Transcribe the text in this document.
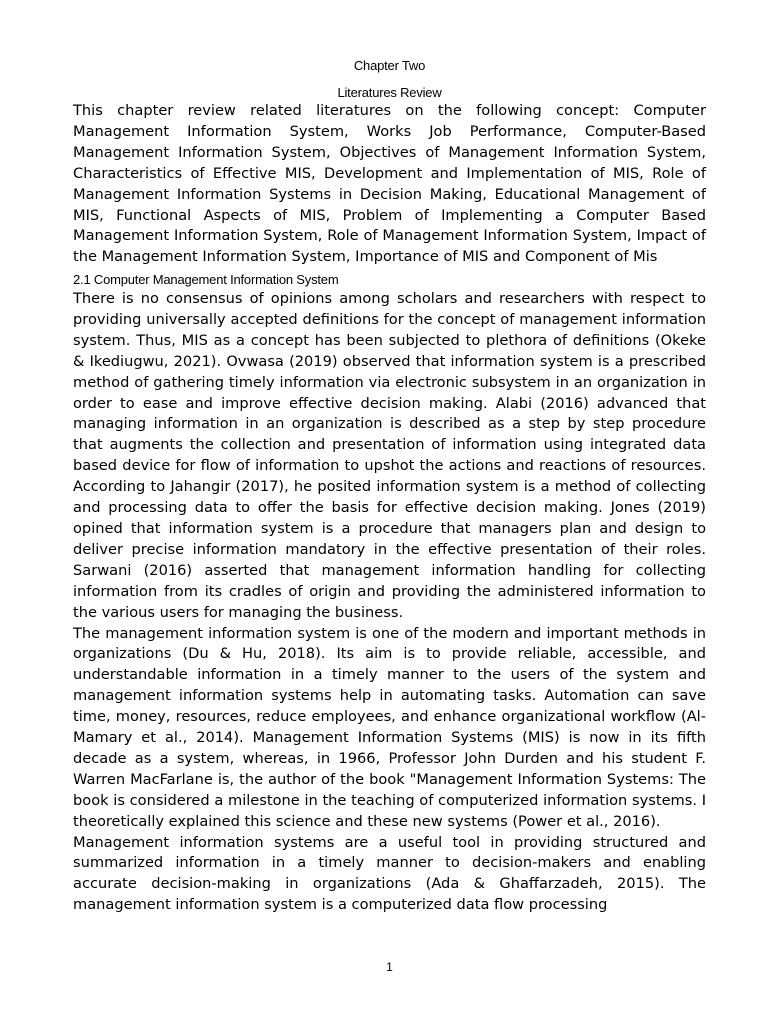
Chapter Two

Literatures Review

This chapter review related literatures on the following concept: Computer Management Information System, Works Job Performance, Computer-Based Management Information System, Objectives of Management Information System, Characteristics of Effective MIS, Development and Implementation of MIS, Role of Management Information Systems in Decision Making, Educational Management of MIS, Functional Aspects of MIS, Problem of Implementing a Computer Based Management Information System, Role of Management Information System, Impact of the Management Information System, Importance of MIS and Component of Mis

2.1 Computer Management Information System

There is no consensus of opinions among scholars and researchers with respect to providing universally accepted definitions for the concept of management information system. Thus, MIS as a concept has been subjected to plethora of definitions (Okeke & Ikediugwu, 2021). Ovwasa (2019) observed that information system is a prescribed method of gathering timely information via electronic subsystem in an organization in order to ease and improve effective decision making. Alabi (2016) advanced that managing information in an organization is described as a step by step procedure that augments the collection and presentation of information using integrated data based device for flow of information to upshot the actions and reactions of resources. According to Jahangir (2017), he posited information system is a method of collecting and processing data to offer the basis for effective decision making. Jones (2019) opined that information system is a procedure that managers plan and design to deliver precise information mandatory in the effective presentation of their roles. Sarwani (2016) asserted that management information handling for collecting information from its cradles of origin and providing the administered information to the various users for managing the business.

The management information system is one of the modern and important methods in organizations (Du & Hu, 2018). Its aim is to provide reliable, accessible, and understandable information in a timely manner to the users of the system and management information systems help in automating tasks. Automation can save time, money, resources, reduce employees, and enhance organizational workflow (Al-Mamary et al., 2014). Management Information Systems (MIS) is now in its fifth decade as a system, whereas, in 1966, Professor John Durden and his student F. Warren MacFarlane is, the author of the book "Management Information Systems: The book is considered a milestone in the teaching of computerized information systems. I theoretically explained this science and these new systems (Power et al., 2016).

Management information systems are a useful tool in providing structured and summarized information in a timely manner to decision-makers and enabling accurate decision-making in organizations (Ada & Ghaffarzadeh, 2015). The management information system is a computerized data flow processing

1
